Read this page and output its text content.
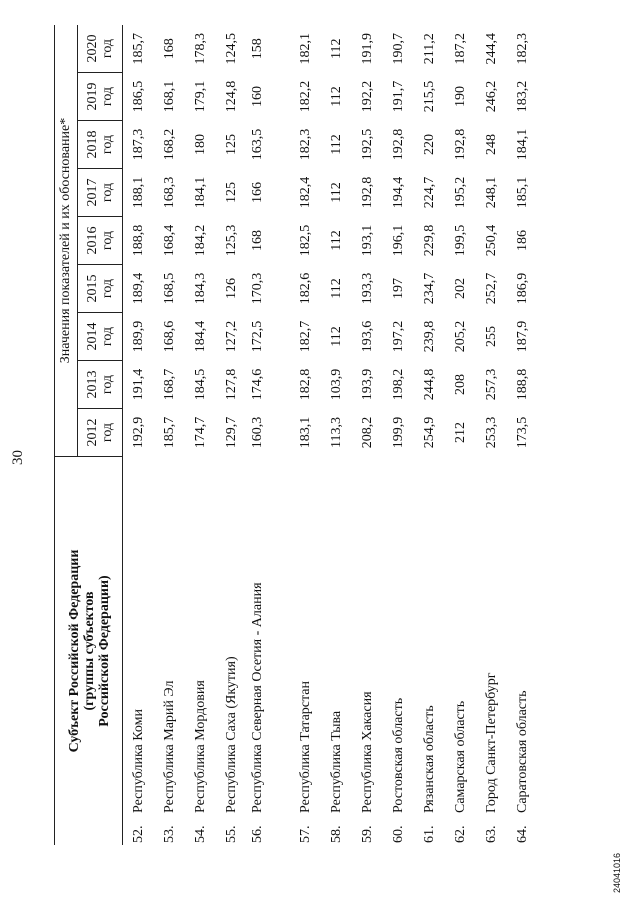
30
Субъект Российской Федерации (группы субъектов Российской Федерации)		Значения показателей и их обоснование*								

		2012 год	2013 год	2014 год	2015 год	2016 год	2017 год	2018 год	2019 год	2020 год

52.	Республика Коми	192,9	191,4	189,9	189,4	188,8	188,1	187,3	186,5	185,7
53.	Республика Марий Эл	185,7	168,7	168,6	168,5	168,4	168,3	168,2	168,1	168
54.	Республика Мордовия	174,7	184,5	184,4	184,3	184,2	184,1	180	179,1	178,3
55.	Республика Саха (Якутия)	129,7	127,8	127,2	126	125,3	125	125	124,8	124,5
56.	Республика Северная Осетия - Алания	160,3	174,6	172,5	170,3	168	166	163,5	160	158
57.	Республика Татарстан	183,1	182,8	182,7	182,6	182,5	182,4	182,3	182,2	182,1
58.	Республика Тыва	113,3	103,9	112	112	112	112	112	112	112
59.	Республика Хакасия	208,2	193,9	193,6	193,3	193,1	192,8	192,5	192,2	191,9
60.	Ростовская область	199,9	198,2	197,2	197	196,1	194,4	192,8	191,7	190,7
61.	Рязанская область	254,9	244,8	239,8	234,7	229,8	224,7	220	215,5	211,2
62.	Самарская область	212	208	205,2	202	199,5	195,2	192,8	190	187,2
63.	Город Санкт-Петербург	253,3	257,3	255	252,7	250,4	248,1	248	246,2	244,4
64.	Саратовская область	173,5	188,8	187,9	186,9	186	185,1	184,1	183,2	182,3
24041016
